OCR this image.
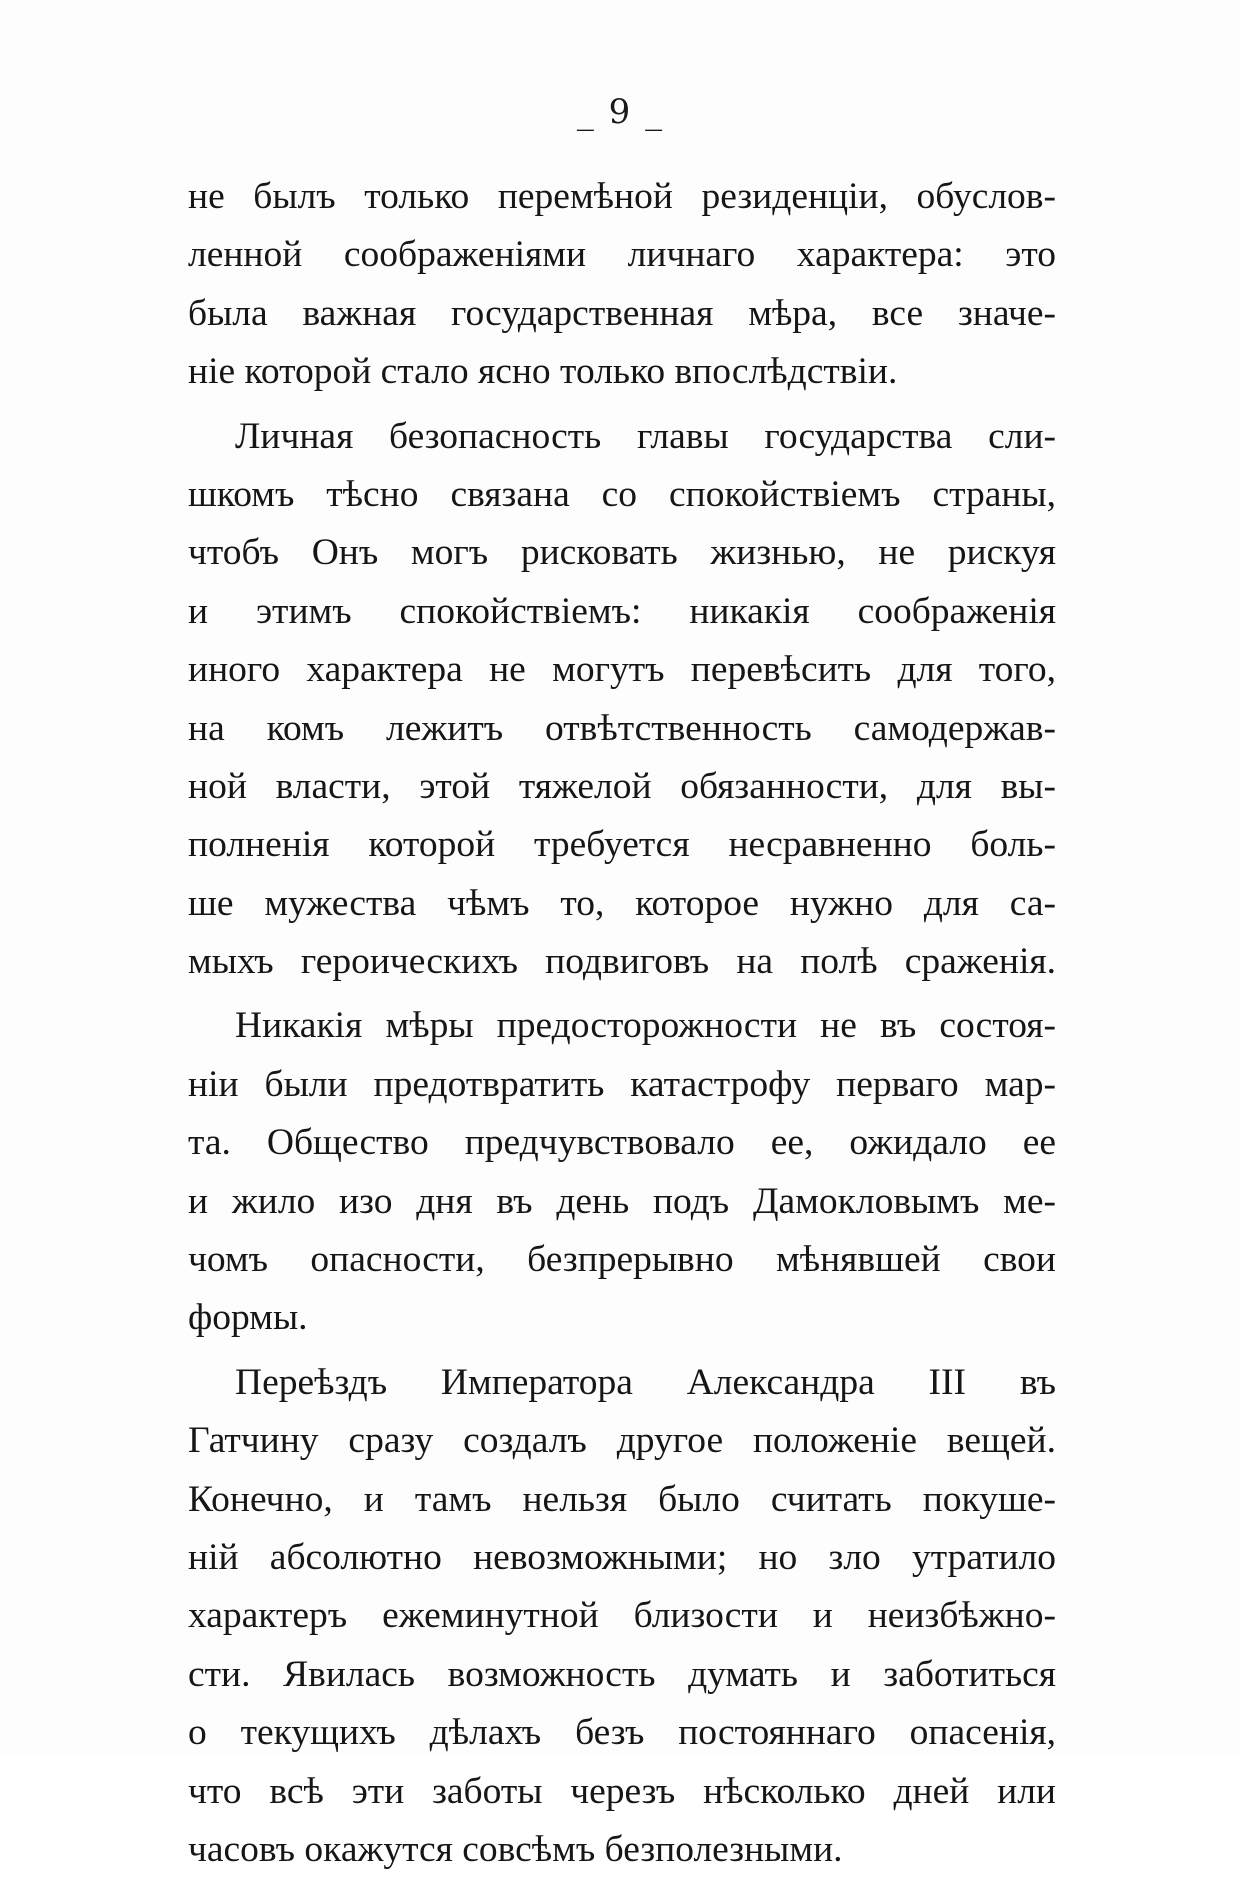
_ 9 _
не былъ только перемѣной резиденціи, обуслов-
ленной соображеніями личнаго характера: это
была важная государственная мѣра, все значе-
ніе которой стало ясно только впослѣдствіи.
Личная безопасность главы государства сли-
шкомъ тѣсно связана со спокойствіемъ страны,
чтобъ Онъ могъ рисковать жизнью, не рискуя
и этимъ спокойствіемъ: никакія соображенія
иного характера не могутъ перевѣсить для того,
на комъ лежитъ отвѣтственность самодержав-
ной власти, этой тяжелой обязанности, для вы-
полненія которой требуется несравненно боль-
ше мужества чѣмъ то, которое нужно для са-
мыхъ героическихъ подвиговъ на полѣ сраженія.
Никакія мѣры предосторожности не въ состоя-
ніи были предотвратить катастрофу перваго мар-
та. Общество предчувствовало ее, ожидало ее
и жило изо дня въ день подъ Дамокловымъ ме-
чомъ опасности, безпрерывно мѣнявшей свои
формы.
Переѣздъ Императора Александра III въ
Гатчину сразу создалъ другое положеніе вещей.
Конечно, и тамъ нельзя было считать покуше-
ній абсолютно невозможными; но зло утратило
характеръ ежеминутной близости и неизбѣжно-
сти. Явилась возможность думать и заботиться
о текущихъ дѣлахъ безъ постояннаго опасенія,
что всѣ эти заботы черезъ нѣсколько дней или
часовъ окажутся совсѣмъ безполезными.
